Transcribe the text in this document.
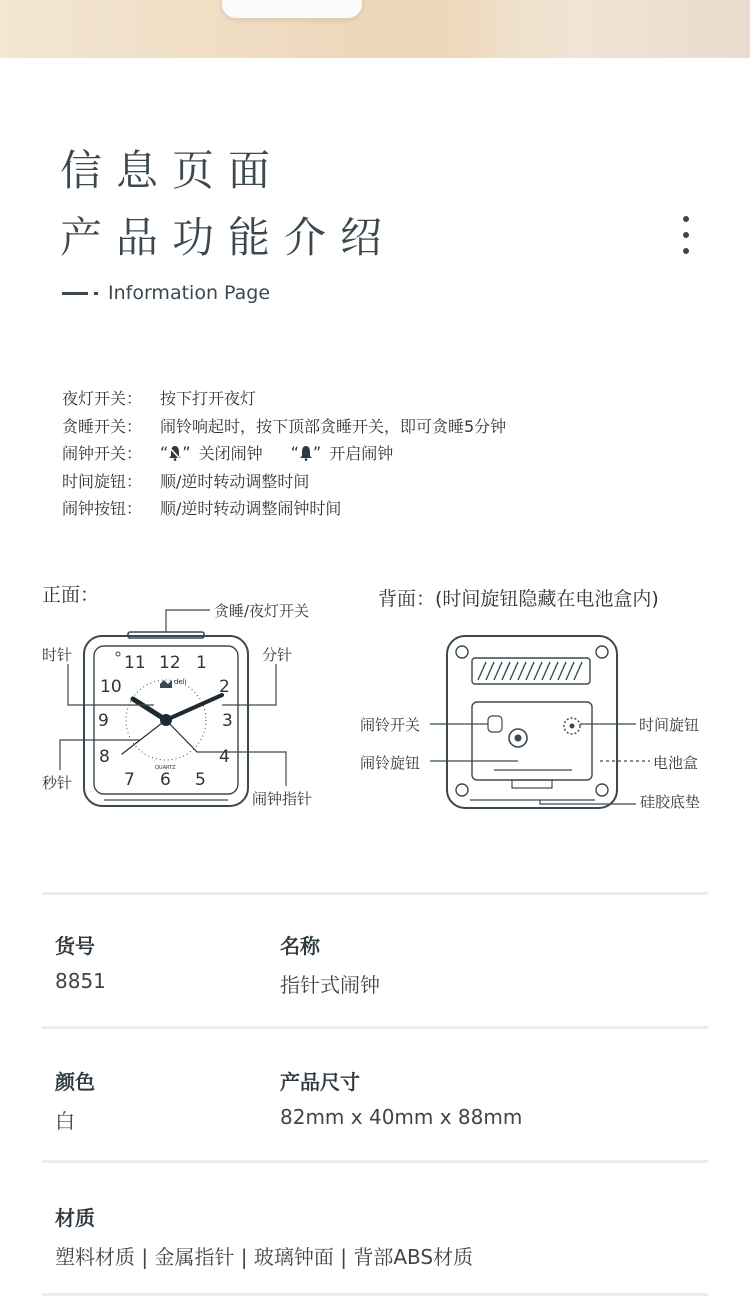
信息页面
产品功能介绍
Information Page
夜灯开关：	按下打开夜灯
贪睡开关：	闹铃响起时，按下顶部贪睡开关，即可贪睡5分钟
闹钟开关：	“ ” 关闭闹钟 “ ” 开启闹钟
时间旋钮：	顺/逆时转动调整时间
闹钟按钮：	顺/逆时转动调整闹钟时间
正面：	背面：(时间旋钮隐藏在电池盒内)
12 1
2
3
4
5
6
7
8
9
10
11
deli
QUARTZ
贪睡/夜灯开关
时针	分针
秒针
闹钟指针
闹铃开关
闹铃旋钮
时间旋钮
电池盒
硅胶底垫
货号
8851
名称
指针式闹钟
颜色
白
产品尺寸
82mm x 40mm x 88mm
材质
塑料材质 | 金属指针 | 玻璃钟面 | 背部ABS材质
